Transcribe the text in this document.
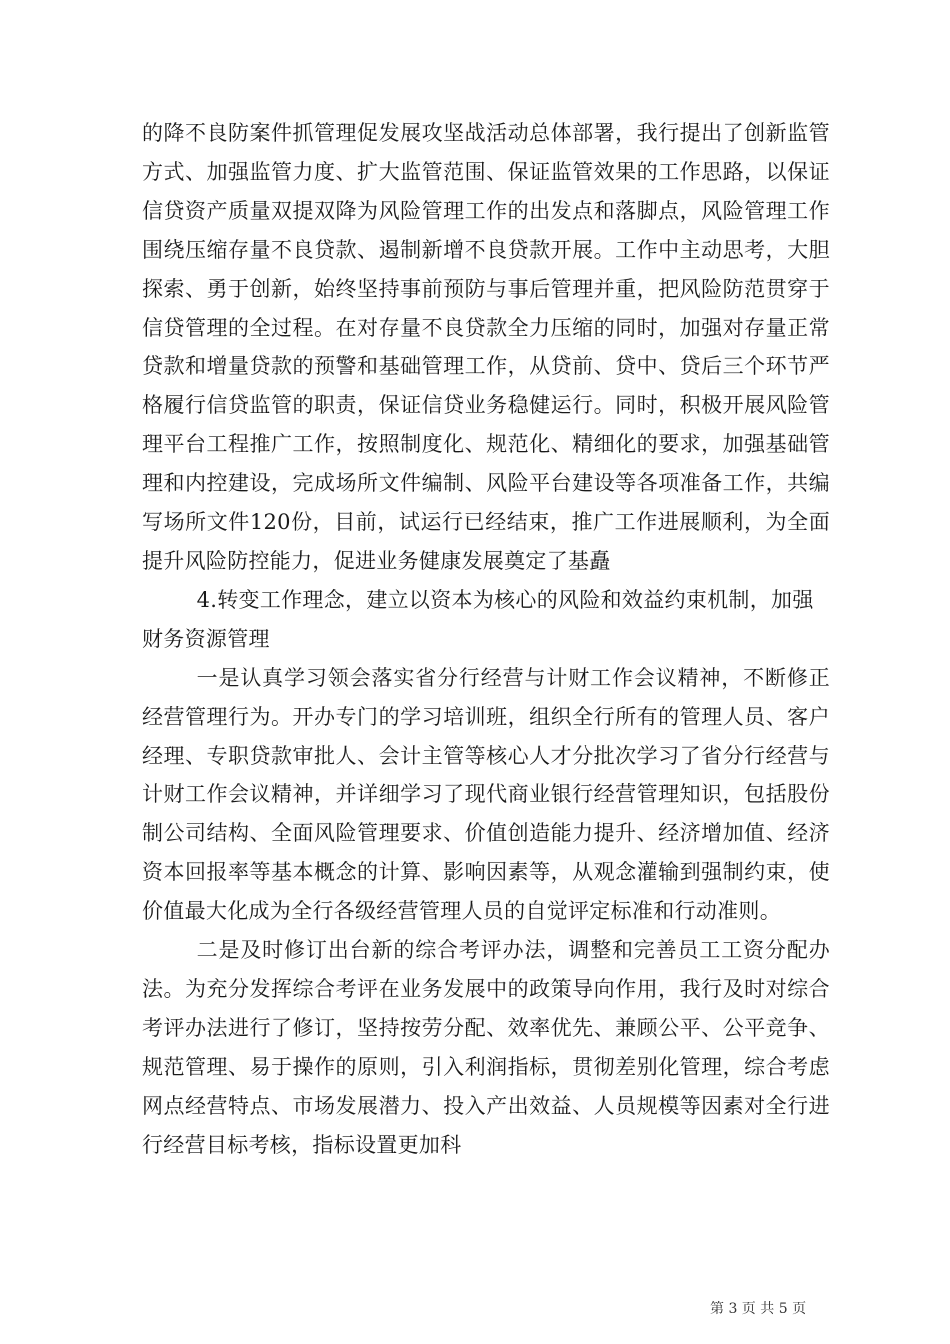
的降不良防案件抓管理促发展攻坚战活动总体部署，我行提出了创新监管方式、加强监管力度、扩大监管范围、保证监管效果的工作思路，以保证信贷资产质量双提双降为风险管理工作的出发点和落脚点，风险管理工作围绕压缩存量不良贷款、遏制新增不良贷款开展。工作中主动思考，大胆探索、勇于创新，始终坚持事前预防与事后管理并重，把风险防范贯穿于信贷管理的全过程。在对存量不良贷款全力压缩的同时，加强对存量正常贷款和增量贷款的预警和基础管理工作，从贷前、贷中、贷后三个环节严格履行信贷监管的职责，保证信贷业务稳健运行。同时，积极开展风险管理平台工程推广工作，按照制度化、规范化、精细化的要求，加强基础管理和内控建设，完成场所文件编制、风险平台建设等各项准备工作，共编写场所文件120份，目前，试运行已经结束，推广工作进展顺利，为全面提升风险防控能力，促进业务健康发展奠定了基矗

4.转变工作理念，建立以资本为核心的风险和效益约束机制，加强财务资源管理

一是认真学习领会落实省分行经营与计财工作会议精神，不断修正经营管理行为。开办专门的学习培训班，组织全行所有的管理人员、客户经理、专职贷款审批人、会计主管等核心人才分批次学习了省分行经营与计财工作会议精神，并详细学习了现代商业银行经营管理知识，包括股份制公司结构、全面风险管理要求、价值创造能力提升、经济增加值、经济资本回报率等基本概念的计算、影响因素等，从观念灌输到强制约束，使价值最大化成为全行各级经营管理人员的自觉评定标准和行动准则。

二是及时修订出台新的综合考评办法，调整和完善员工工资分配办法。为充分发挥综合考评在业务发展中的政策导向作用，我行及时对综合考评办法进行了修订，坚持按劳分配、效率优先、兼顾公平、公平竞争、规范管理、易于操作的原则，引入利润指标，贯彻差别化管理，综合考虑网点经营特点、市场发展潜力、投入产出效益、人员规模等因素对全行进行经营目标考核，指标设置更加科

第 3 页 共 5 页
